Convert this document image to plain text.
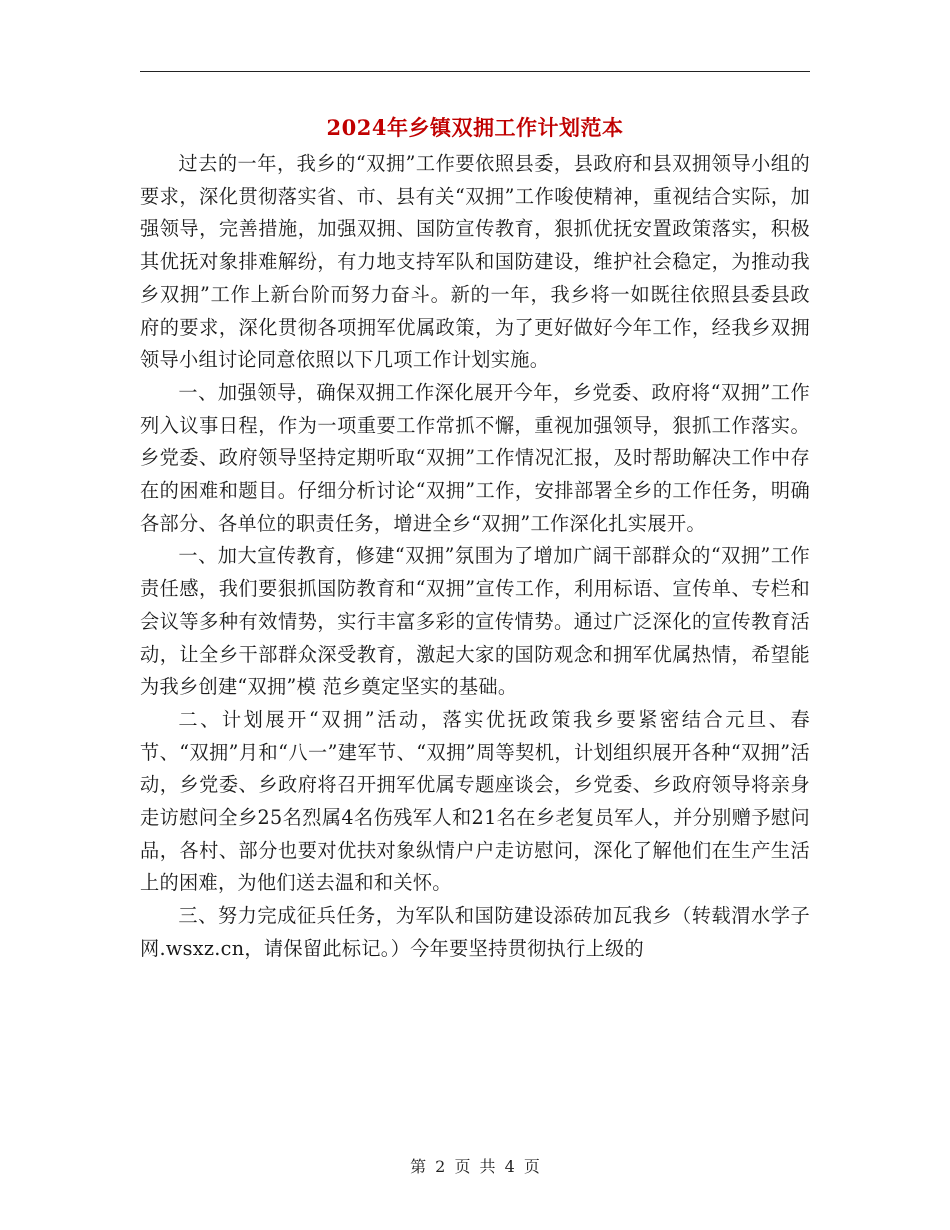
2024年乡镇双拥工作计划范本

过去的一年，我乡的“双拥”工作要依照县委，县政府和县双拥领导小组的要求，深化贯彻落实省、市、县有关“双拥”工作唆使精神，重视结合实际，加强领导，完善措施，加强双拥、国防宣传教育，狠抓优抚安置政策落实，积极其优抚对象排难解纷，有力地支持军队和国防建设，维护社会稳定，为推动我乡双拥”工作上新台阶而努力奋斗。新的一年，我乡将一如既往依照县委县政府的要求，深化贯彻各项拥军优属政策，为了更好做好今年工作，经我乡双拥领导小组讨论同意依照以下几项工作计划实施。

一、加强领导，确保双拥工作深化展开今年，乡党委、政府将“双拥”工作列入议事日程，作为一项重要工作常抓不懈，重视加强领导，狠抓工作落实。乡党委、政府领导坚持定期听取“双拥”工作情况汇报，及时帮助解决工作中存在的困难和题目。仔细分析讨论“双拥”工作，安排部署全乡的工作任务，明确各部分、各单位的职责任务，增进全乡“双拥”工作深化扎实展开。

一、加大宣传教育，修建“双拥”氛围为了增加广阔干部群众的“双拥”工作责任感，我们要狠抓国防教育和“双拥”宣传工作，利用标语、宣传单、专栏和会议等多种有效情势，实行丰富多彩的宣传情势。通过广泛深化的宣传教育活动，让全乡干部群众深受教育，激起大家的国防观念和拥军优属热情，希望能为我乡创建“双拥”模 范乡奠定坚实的基础。

二、计划展开“双拥”活动，落实优抚政策我乡要紧密结合元旦、春节、“双拥”月和“八一”建军节、“双拥”周等契机，计划组织展开各种“双拥”活动，乡党委、乡政府将召开拥军优属专题座谈会，乡党委、乡政府领导将亲身走访慰问全乡25名烈属4名伤残军人和21名在乡老复员军人，并分别赠予慰问品，各村、部分也要对优扶对象纵情户户走访慰问，深化了解他们在生产生活上的困难，为他们送去温和和关怀。

三、努力完成征兵任务，为军队和国防建设添砖加瓦我乡（转载渭水学子网.wsxz.cn，请保留此标记。）今年要坚持贯彻执行上级的

第 2 页 共 4 页
